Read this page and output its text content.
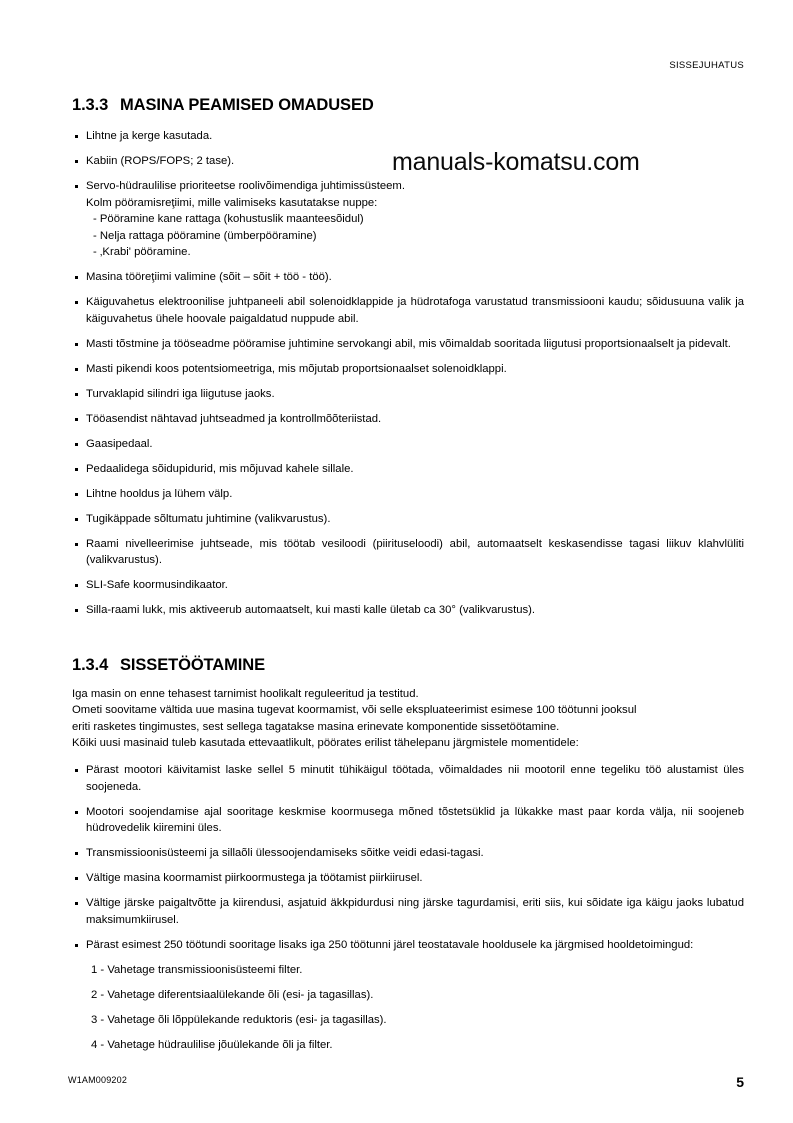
SISSEJUHATUS
manuals-komatsu.com
1.3.3 MASINA PEAMISED OMADUSED
Lihtne ja kerge kasutada.
Kabiin (ROPS/FOPS; 2 tase).
Servo-hüdraulilise prioriteetse roolivõimendiga juhtimissüsteem.
Kolm pööramisreţiimi, mille valimiseks kasutatakse nuppe:
- Pööramine kane rattaga (kohustuslik maanteesõidul)
- Nelja rattaga pööramine (ümberpööramine)
- ‚Krabi' pööramine.
Masina tööreţiimi valimine (sõit – sõit + töö - töö).
Käiguvahetus elektroonilise juhtpaneeli abil solenoidklappide ja hüdrotafoga varustatud transmissiooni kaudu; sõidusuuna valik ja käiguvahetus ühele hoovale paigaldatud nuppude abil.
Masti tõstmine ja tööseadme pööramise juhtimine servokangi abil, mis võimaldab sooritada liigutusi proportsionaalselt ja pidevalt.
Masti pikendi koos potentsiomeetriga, mis mõjutab proportsionaalset solenoidklappi.
Turvaklapid silindri iga liigutuse jaoks.
Tööasendist nähtavad juhtseadmed ja kontrollmõõteriistad.
Gaasipedaal.
Pedaalidega sõidupidurid, mis mõjuvad kahele sillale.
Lihtne hooldus ja lühem välp.
Tugikäppade sõltumatu juhtimine (valikvarustus).
Raami nivelleerimise juhtseade, mis töötab vesiloodi (piirituseloodi) abil, automaatselt keskasendisse tagasi liikuv klahvlüliti (valikvarustus).
SLI-Safe koormusindikaator.
Silla-raami lukk, mis aktiveerub automaatselt, kui masti kalle ületab ca 30° (valikvarustus).
1.3.4 SISSETÖÖTAMINE

Iga masin on enne tehasest tarnimist hoolikalt reguleeritud ja testitud.
Ometi soovitame vältida uue masina tugevat koormamist, või selle ekspluateerimist esimese 100 töötunni jooksul
eriti rasketes tingimustes, sest sellega tagatakse masina erinevate komponentide sissetöötamine.
Kõiki uusi masinaid tuleb kasutada ettevaatlikult, pöörates erilist tähelepanu järgmistele momentidele:

Pärast mootori käivitamist laske sellel 5 minutit tühikäigul töötada, võimaldades nii mootoril enne tegeliku töö alustamist üles soojeneda.
Mootori soojendamise ajal sooritage keskmise koormusega mõned tõstetsüklid ja lükakke mast paar korda välja, nii soojeneb hüdrovedelik kiiremini üles.
Transmissioonisüsteemi ja sillaõli ülessoojendamiseks sõitke veidi edasi-tagasi.
Vältige masina koormamist piirkoormustega ja töötamist piirkiirusel.
Vältige järske paigaltvõtte ja kiirendusi, asjatuid äkkpidurdusi ning järske tagurdamisi, eriti siis, kui sõidate iga käigu jaoks lubatud maksimumkiirusel.
Pärast esimest 250 töötundi sooritage lisaks iga 250 töötunni järel teostatavale hooldusele ka järgmised hooldetoimingud:
1 - Vahetage transmissioonisüsteemi filter.
2 - Vahetage diferentsiaalülekande õli (esi- ja tagasillas).
3 - Vahetage õli lõppülekande reduktoris (esi- ja tagasillas).
4 - Vahetage hüdraulilise jõuülekande õli ja filter.
W1AM009202	5
